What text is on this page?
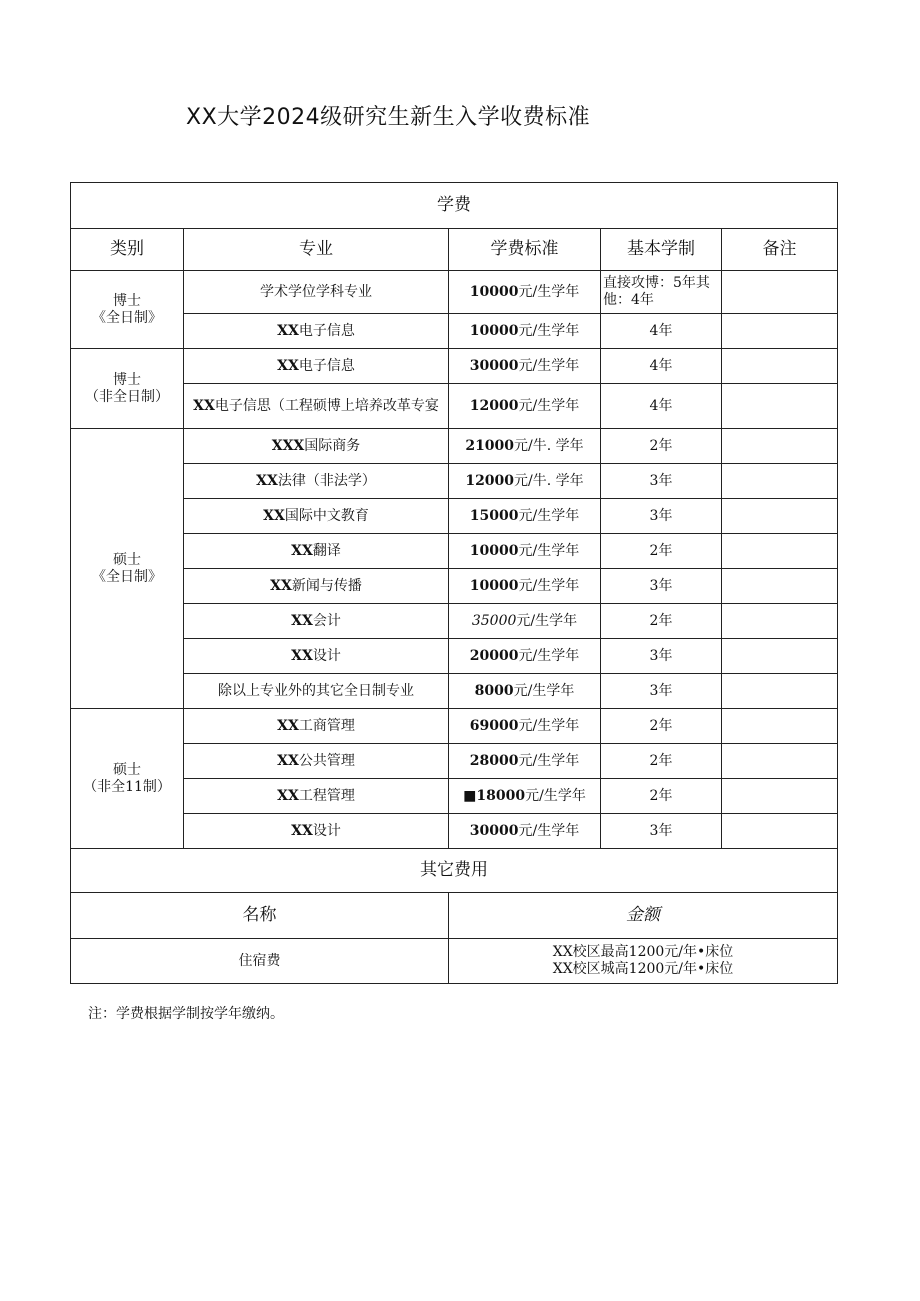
XX大学2024级研究生新生入学收费标准
学费				
类别	专业	学费标准	基本学制	备注
博士
《全日制》	学术学位学科专业	10000元/生学年	直接攻博：5年其他：4年	
	XX电子信息	10000元/生学年	4年	
博士
（非全日制）	XX电子信息	30000元/生学年	4年	
	XX电子信思（工程硕博上培养改革专宴	12000元/生学年	4年	
硕士
《全日制》	XXX国际商务	21000元/牛. 学年	2年	
	XX法律（非法学）	12000元/牛. 学年	3年	
	XX国际中文教育	15000元/生学年	3年	
	XX翻译	10000元/生学年	2年	
	XX新闻与传播	10000元/生学年	3年	
	XX会计	35000元/生学年	2年	
	XX设计	20000元/生学年	3年	
	除以上专业外的其它全日制专业	8000元/生学年	3年	
硕士
（非全11制）	XX工商管理	69000元/生学年	2年	
	XX公共管理	28000元/生学年	2年	
	XX工程管理	■18000元/生学年	2年	
	XX设计	30000元/生学年	3年	
其它费用				
名称		金额		
住宿费		XX校区最高1200元/年•床位
XX校区城高1200元/年•床位		
注：学费根据学制按学年缴纳。
